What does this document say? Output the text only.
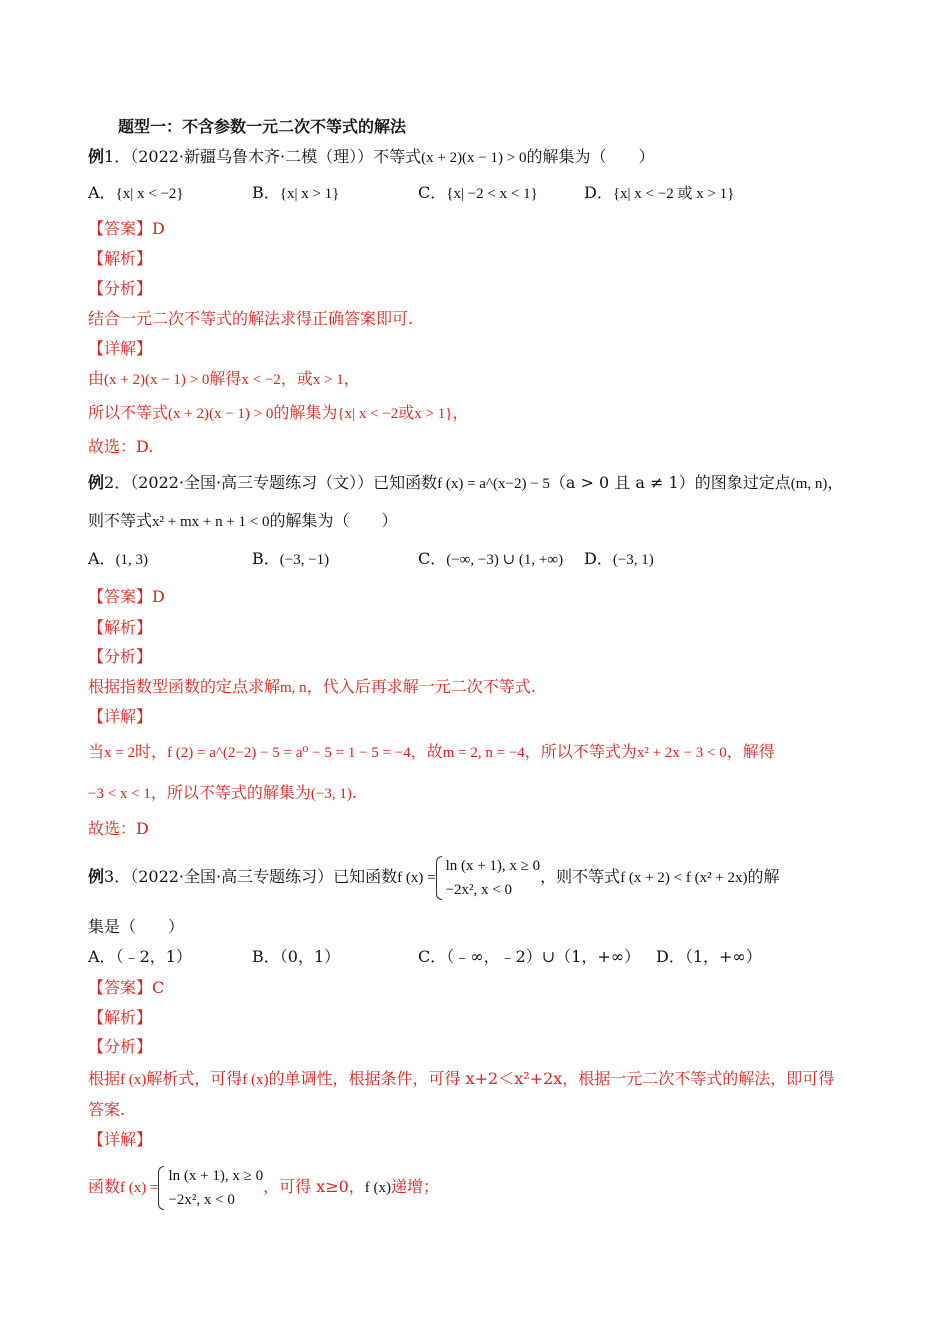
题型一：不含参数一元二次不等式的解法
例1．（2022·新疆乌鲁木齐·二模（理））不等式(x + 2)(x − 1) > 0的解集为（　　）
A．{x| x < −2}	B．{x| x > 1}	C．{x| −2 < x < 1}	D．{x| x < −2 或 x > 1}
【答案】D
【解析】
【分析】
结合一元二次不等式的解法求得正确答案即可.
【详解】
由(x + 2)(x − 1) > 0解得x < −2，或x > 1，
所以不等式(x + 2)(x − 1) > 0的解集为{x| x < −2或x > 1}，
故选：D.
例2．（2022·全国·高三专题练习（文））已知函数f (x) = a^(x−2) − 5（a > 0 且 a ≠ 1）的图象过定点(m, n)，
则不等式x² + mx + n + 1 < 0的解集为（　　）
A．(1, 3)	B．(−3, −1)	C．(−∞, −3) ∪ (1, +∞) D．(−3, 1)
【答案】D
【解析】
【分析】
根据指数型函数的定点求解m, n，代入后再求解一元二次不等式.
【详解】
当x = 2时，f (2) = a^(2−2) − 5 = a⁰ − 5 = 1 − 5 = −4，故m = 2, n = −4，所以不等式为x² + 2x − 3 < 0，解得
−3 < x < 1，所以不等式的解集为(−3, 1).
故选：D
例3．（2022·全国·高三专题练习）已知函数f (x) =
ln (x + 1), x ≥ 0
−2x², x < 0
，则不等式f (x + 2) < f (x² + 2x)的解
集是（　　）
A．（﹣2，1）	B．（0，1）	C．（﹣∞，﹣2）∪（1，+∞） D．（1，+∞）
【答案】C
【解析】
【分析】
根据f (x)解析式，可得f (x)的单调性，根据条件，可得 x+2＜x²+2x，根据一元二次不等式的解法，即可得
答案.
【详解】
函数f (x) =
ln (x + 1), x ≥ 0
−2x², x < 0
，可得 x≥0，f (x)递增；
